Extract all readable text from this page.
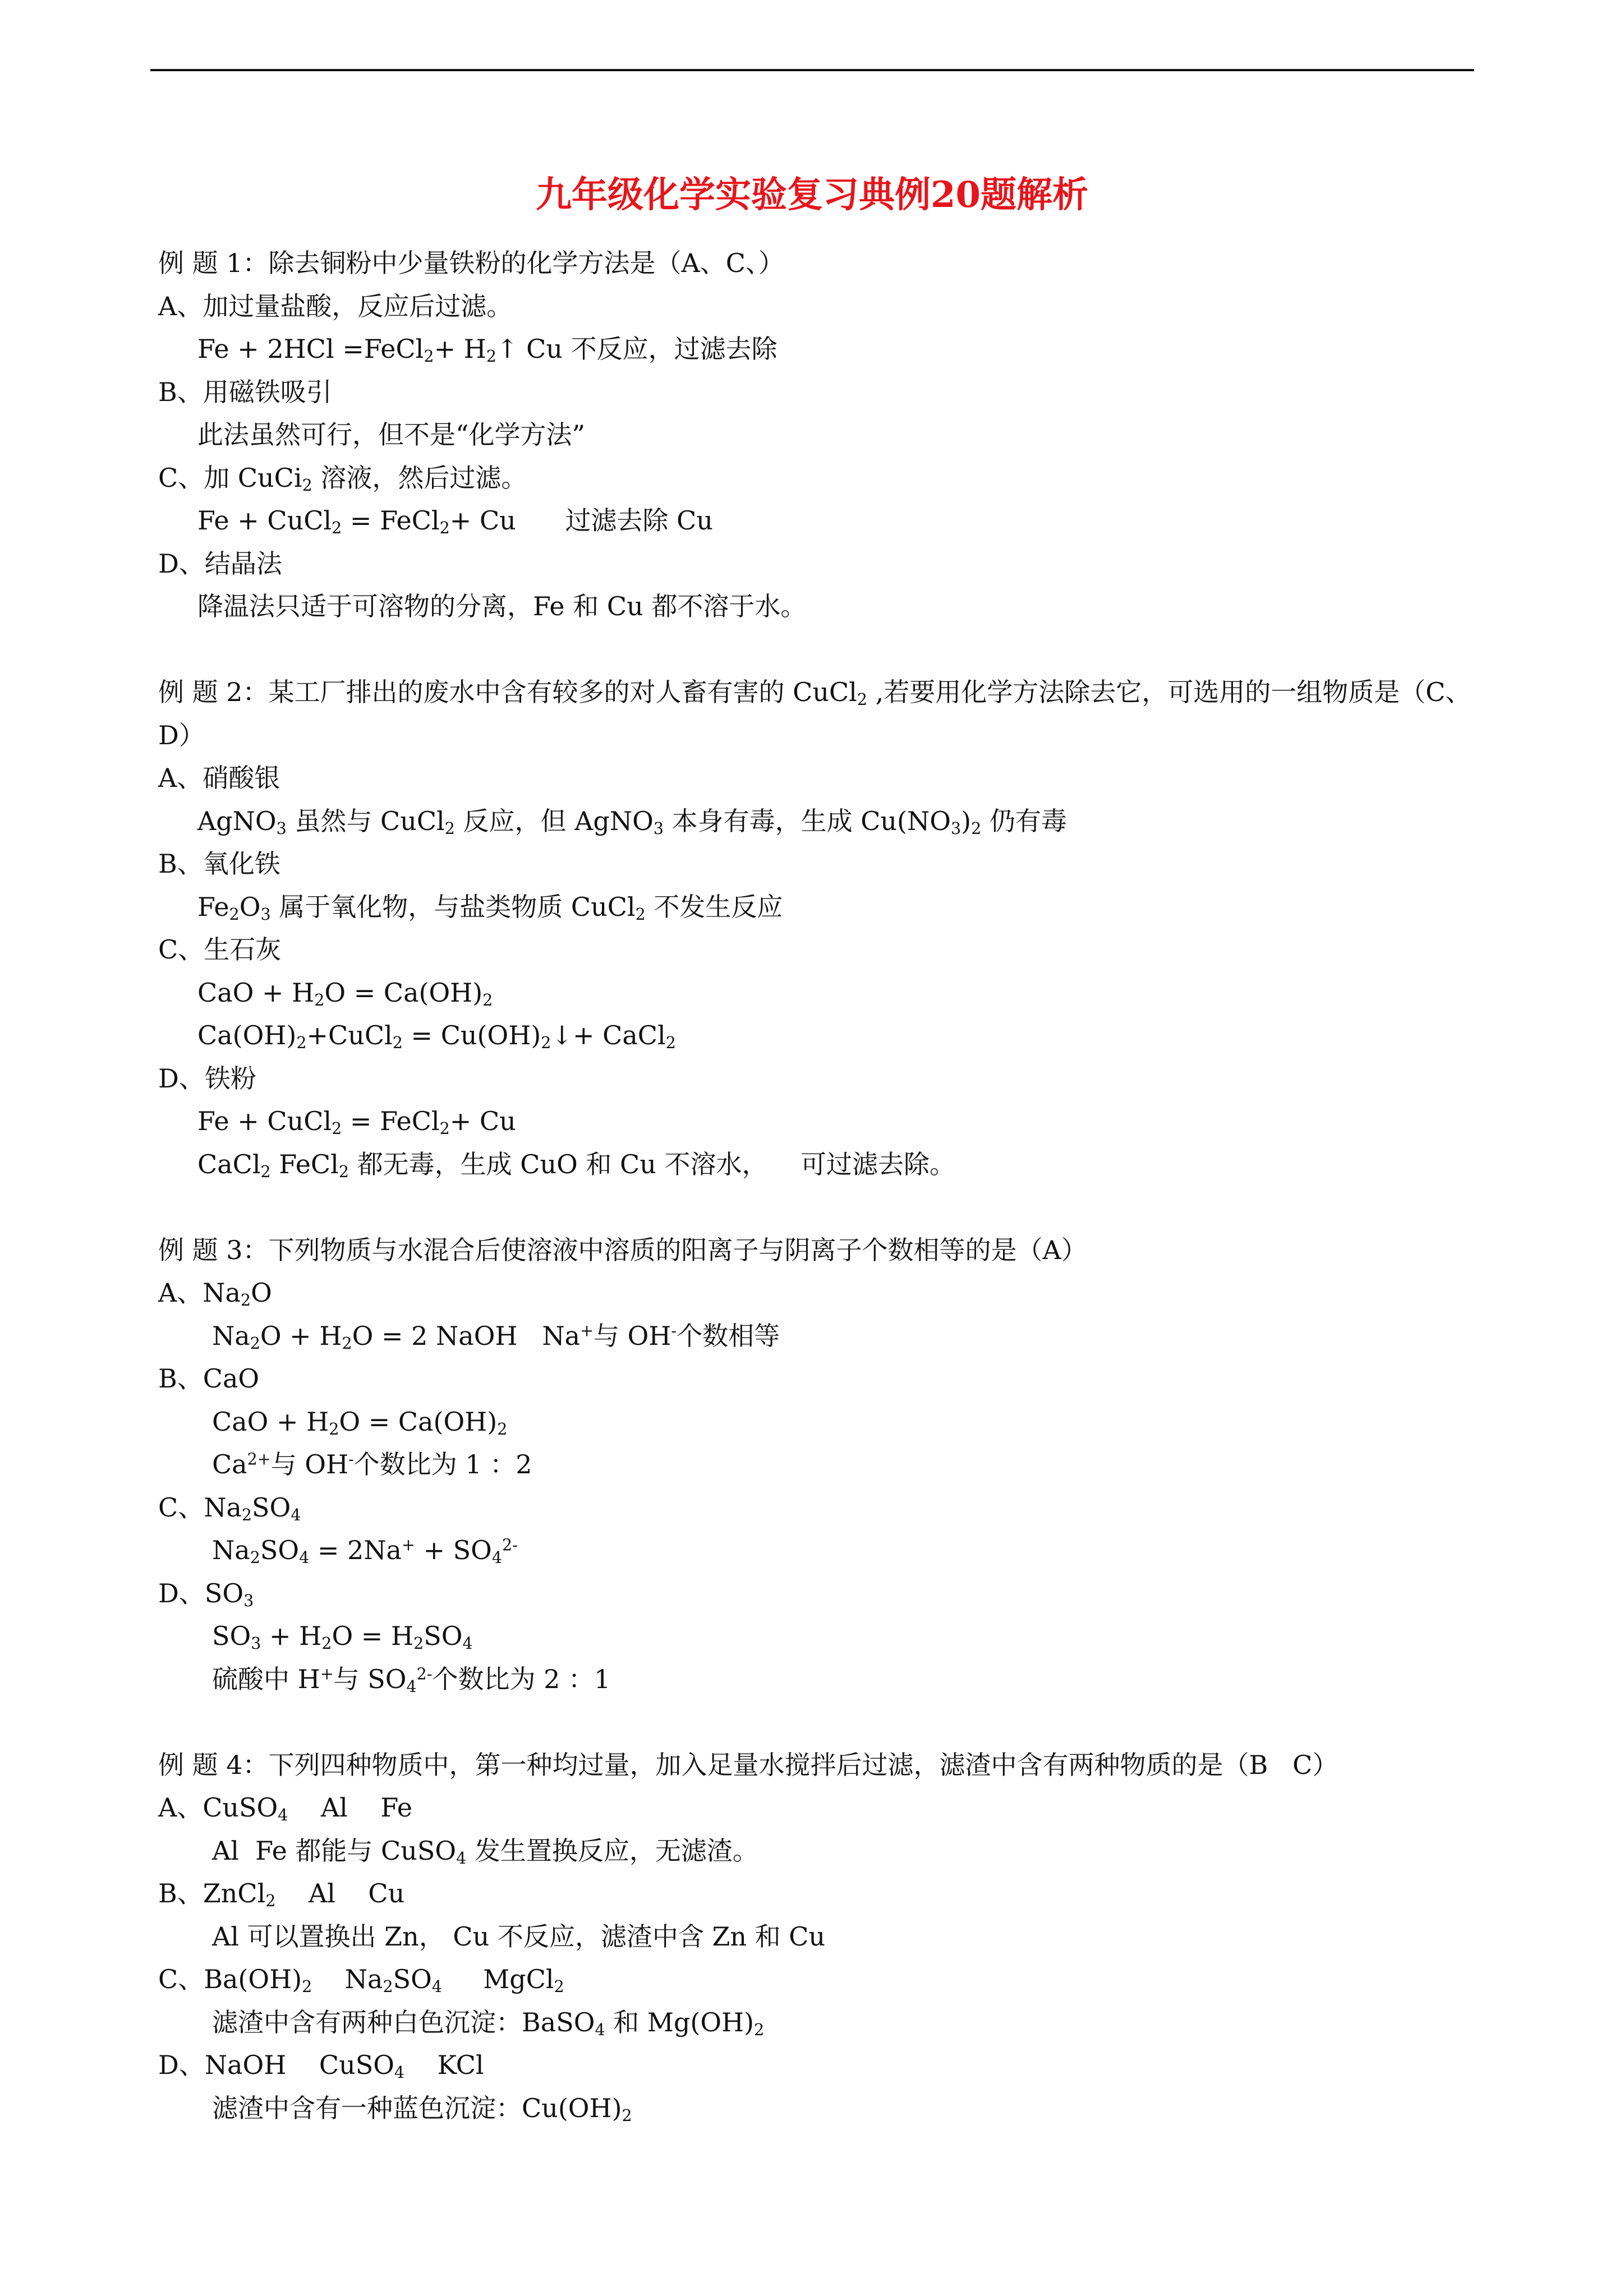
九年级化学实验复习典例20题解析
例 题 1：除去铜粉中少量铁粉的化学方法是（A、C、）
A、加过量盐酸，反应后过滤。
Fe + 2HCl =FeCl$_2$+ $H_2↑$ Cu 不反应，过滤去除
B、用磁铁吸引
此法虽然可行，但不是“化学方法”
C、加 CuCi$_2$ 溶液，然后过滤。
Fe + CuCl$_2$ = FeCl$_2$+ Cu      过滤去除 Cu
D、结晶法
降温法只适于可溶物的分离，Fe 和 Cu 都不溶于水。
例 题 2：某工厂排出的废水中含有较多的对人畜有害的 CuCl$_2$ ,若要用化学方法除去它，可选用的一组物质是（C、D）
A、硝酸银
AgNO$_3$ 虽然与 CuCl$_2$ 反应，但 AgNO$_3$ 本身有毒，生成 $Cu(NO_3)_2$ 仍有毒
B、氧化铁
$Fe_2O_3$ 属于氧化物，与盐类物质 CuCl$_2$ 不发生反应
C、生石灰
CaO + $H_2O = Ca(OH)_2$
$Ca(OH)_2+CuCl_2$ = $Cu(OH)_2↓+$ CaCl$_2$
D、铁粉
Fe + CuCl$_2$ = FeCl$_2$+ Cu
CaCl$_2$ FeCl$_2$ 都无毒，生成 CuO 和 Cu 不溶水，    可过滤去除。
例 题 3：下列物质与水混合后使溶液中溶质的阳离子与阴离子个数相等的是（A）
A、$Na_2O$
$Na_2O + H_2O = 2$ NaOH   Na+与 OH-个数相等
B、CaO
CaO + $H_2O = Ca(OH)_2$
$Ca^{2+}$与 OH-个数比为 1 ：2
C、$Na_2SO_4$
$Na_2SO_4 = 2Na^+ + SO_4^{2-}$
D、$SO_3$
$SO_3 + H_2O = H_2SO_4$
硫酸中 H+与 $SO_4^{2-}$个数比为 2 ：1
例 题 4：下列四种物质中，第一种均过量，加入足量水搅拌后过滤，滤渣中含有两种物质的是（B   C）
A、CuSO$_4$    Al    Fe
Al  Fe 都能与 CuSO$_4$ 发生置换反应，无滤渣。
B、ZnCl$_2$    Al    Cu
Al 可以置换出 Zn， Cu 不反应，滤渣中含 Zn 和 Cu
C、$Ba(OH)_2$    $Na_2SO_4$     MgCl$_2$
滤渣中含有两种白色沉淀：BaSO$_4$ 和 $Mg(OH)_2$
D、NaOH    CuSO$_4$    KCl
滤渣中含有一种蓝色沉淀：$Cu(OH)_2$
